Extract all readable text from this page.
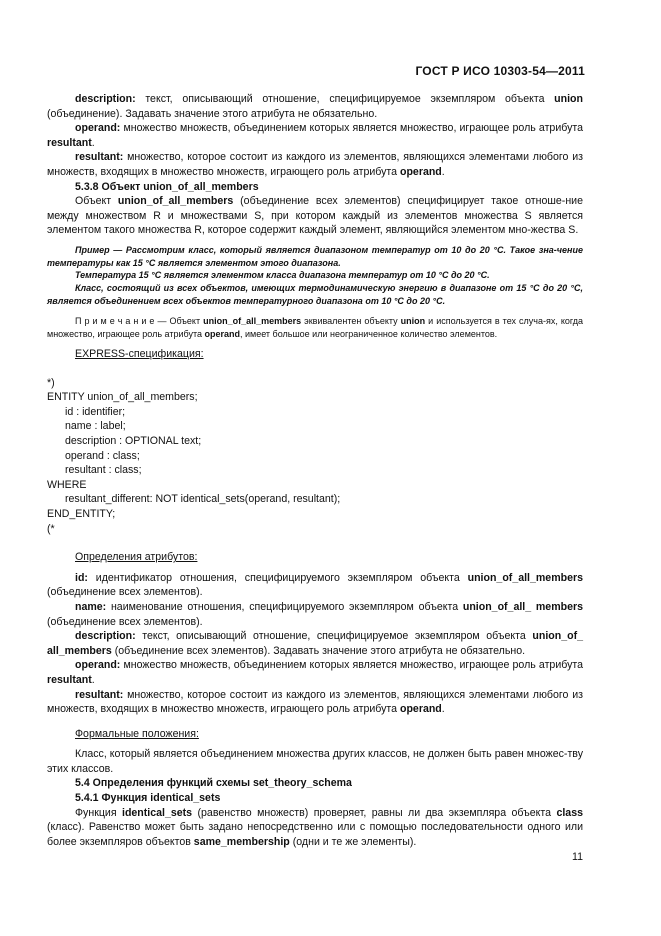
ГОСТ Р ИСО 10303-54—2011

description: текст, описывающий отношение, специфицируемое экземпляром объекта union (объединение). Задавать значение этого атрибута не обязательно.

operand: множество множеств, объединением которых является множество, играющее роль атрибута resultant.

resultant: множество, которое состоит из каждого из элементов, являющихся элементами любого из множеств, входящих в множество множеств, играющего роль атрибута operand.

5.3.8 Объект union_of_all_members

Объект union_of_all_members (объединение всех элементов) специфицирует такое отноше-ние между множеством R и множествами S, при котором каждый из элементов множества S является элементом такого множества R, которое содержит каждый элемент, являющийся элементом мно-жества S.

Пример — Рассмотрим класс, который является диапазоном температур от 10 до 20 °С. Такое зна-чение температуры как 15 °С является элементом этого диапазона.

Температура 15 °С является элементом класса диапазона температур от 10 °С до 20 °С.

Класс, состоящий из всех объектов, имеющих термодинамическую энергию в диапазоне от 15 °С до 20 °С, является объединением всех объектов температурного диапазона от 10 °С до 20 °С.

П р и м е ч а н и е — Объект union_of_all_members эквивалентен объекту union и используется в тех случа-ях, когда множество, играющее роль атрибута operand, имеет большое или неограниченное количество элементов.

EXPRESS-спецификация:

*)

ENTITY union_of_all_members;

id : identifier;

name : label;

description : OPTIONAL text;

operand : class;

resultant : class;

WHERE

resultant_different: NOT identical_sets(operand, resultant);

END_ENTITY;

(*

Определения атрибутов:

id: идентификатор отношения, специфицируемого экземпляром объекта union_of_all_members (объединение всех элементов).

name: наименование отношения, специфицируемого экземпляром объекта union_of_all_ members (объединение всех элементов).

description: текст, описывающий отношение, специфицируемое экземпляром объекта union_of_ all_members (объединение всех элементов). Задавать значение этого атрибута не обязательно.

operand: множество множеств, объединением которых является множество, играющее роль атрибута resultant.

resultant: множество, которое состоит из каждого из элементов, являющихся элементами любого из множеств, входящих в множество множеств, играющего роль атрибута operand.

Формальные положения:

Класс, который является объединением множества других классов, не должен быть равен множес-тву этих классов.

5.4 Определения функций схемы set_theory_schema

5.4.1 Функция identical_sets

Функция identical_sets (равенство множеств) проверяет, равны ли два экземпляра объекта class (класс). Равенство может быть задано непосредственно или с помощью последовательности одного или более экземпляров объектов same_membership (одни и те же элементы).

11
